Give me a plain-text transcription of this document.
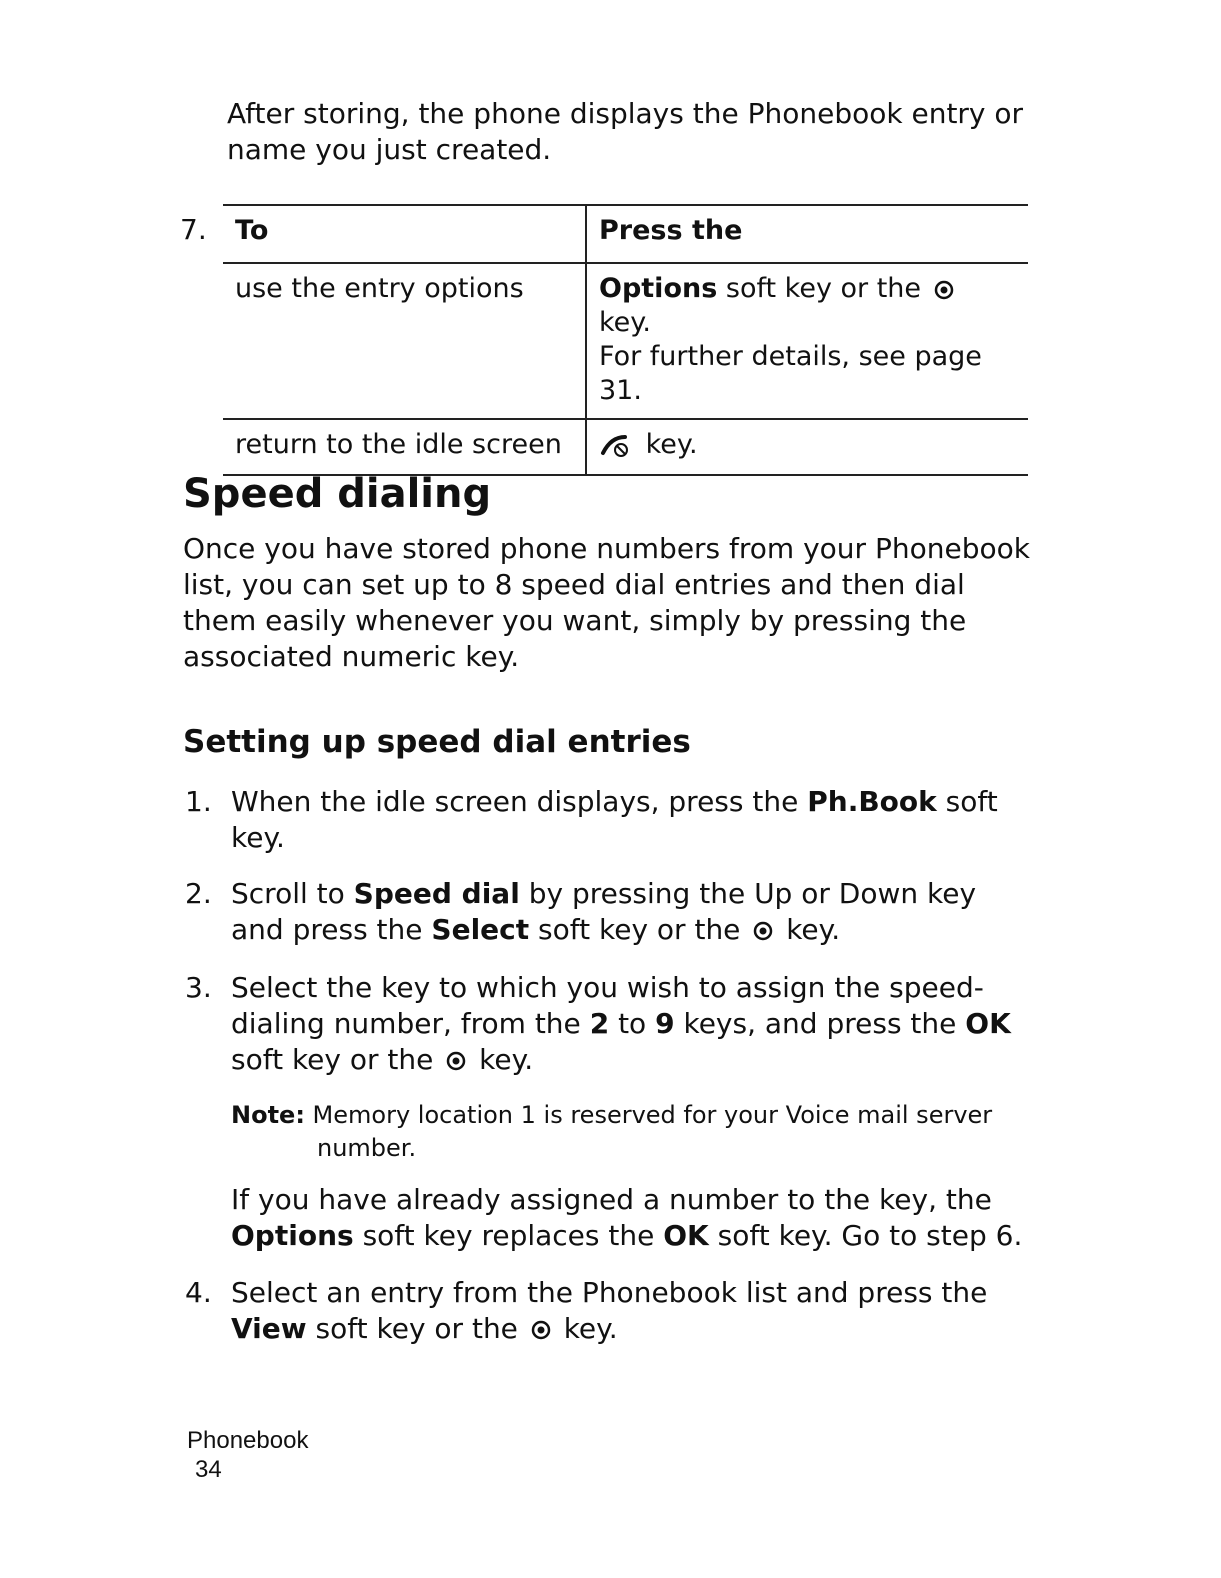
After storing, the phone displays the Phonebook entry or name you just created.

7. To	Press the
use the entry options	Options soft key or the  key.
For further details, see page 31.
return to the idle screen	key.
Speed dialing

Once you have stored phone numbers from your Phonebook list, you can set up to 8 speed dial entries and then dial them easily whenever you want, simply by pressing the associated numeric key.

Setting up speed dial entries
1. When the idle screen displays, press the Ph.Book soft key.
2. Scroll to Speed dial by pressing the Up or Down key and press the Select soft key or the  key.
3. Select the key to which you wish to assign the speed-dialing number, from the 2 to 9 keys, and press the OK soft key or the  key.
Note: Memory location 1 is reserved for your Voice mail server
number.

If you have already assigned a number to the key, the Options soft key replaces the OK soft key. Go to step 6.

4. Select an entry from the Phonebook list and press the View soft key or the  key.
Phonebook
34
